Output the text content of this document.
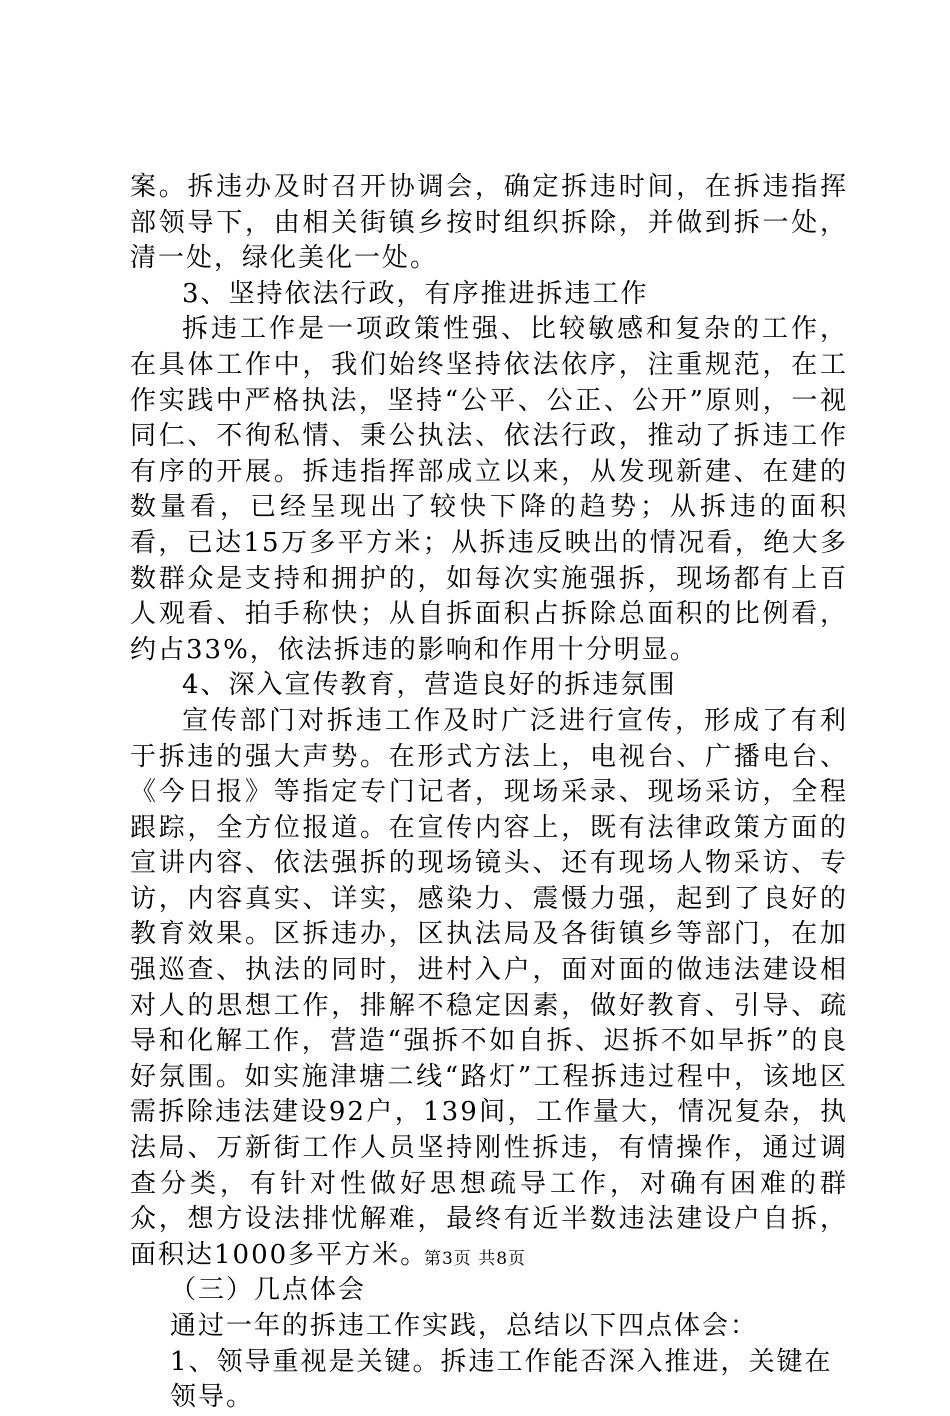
案。拆违办及时召开协调会，确定拆违时间，在拆违指挥部领导下，由相关街镇乡按时组织拆除，并做到拆一处，清一处，绿化美化一处。

3、坚持依法行政，有序推进拆违工作

拆违工作是一项政策性强、比较敏感和复杂的工作，在具体工作中，我们始终坚持依法依序，注重规范，在工作实践中严格执法，坚持“公平、公正、公开”原则，一视同仁、不徇私情、秉公执法、依法行政，推动了拆违工作有序的开展。拆违指挥部成立以来，从发现新建、在建的数量看，已经呈现出了较快下降的趋势；从拆违的面积看，已达15万多平方米；从拆违反映出的情况看，绝大多数群众是支持和拥护的，如每次实施强拆，现场都有上百人观看、拍手称快；从自拆面积占拆除总面积的比例看，约占33%，依法拆违的影响和作用十分明显。

4、深入宣传教育，营造良好的拆违氛围

宣传部门对拆违工作及时广泛进行宣传，形成了有利于拆违的强大声势。在形式方法上，电视台、广播电台、《今日报》等指定专门记者，现场采录、现场采访，全程跟踪，全方位报道。在宣传内容上，既有法律政策方面的宣讲内容、依法强拆的现场镜头、还有现场人物采访、专访，内容真实、详实，感染力、震慑力强，起到了良好的教育效果。区拆违办，区执法局及各街镇乡等部门，在加强巡查、执法的同时，进村入户，面对面的做违法建设相对人的思想工作，排解不稳定因素，做好教育、引导、疏导和化解工作，营造“强拆不如自拆、迟拆不如早拆”的良好氛围。如实施津塘二线“路灯”工程拆违过程中，该地区需拆除违法建设92户，139间，工作量大，情况复杂，执法局、万新街工作人员坚持刚性拆违，有情操作，通过调查分类，有针对性做好思想疏导工作，对确有困难的群众，想方设法排忧解难，最终有近半数违法建设户自拆，面积达1000多平方米。

（三）几点体会

通过一年的拆违工作实践，总结以下四点体会：

1、领导重视是关键。拆违工作能否深入推进，关键在领导。

第3页 共8页
